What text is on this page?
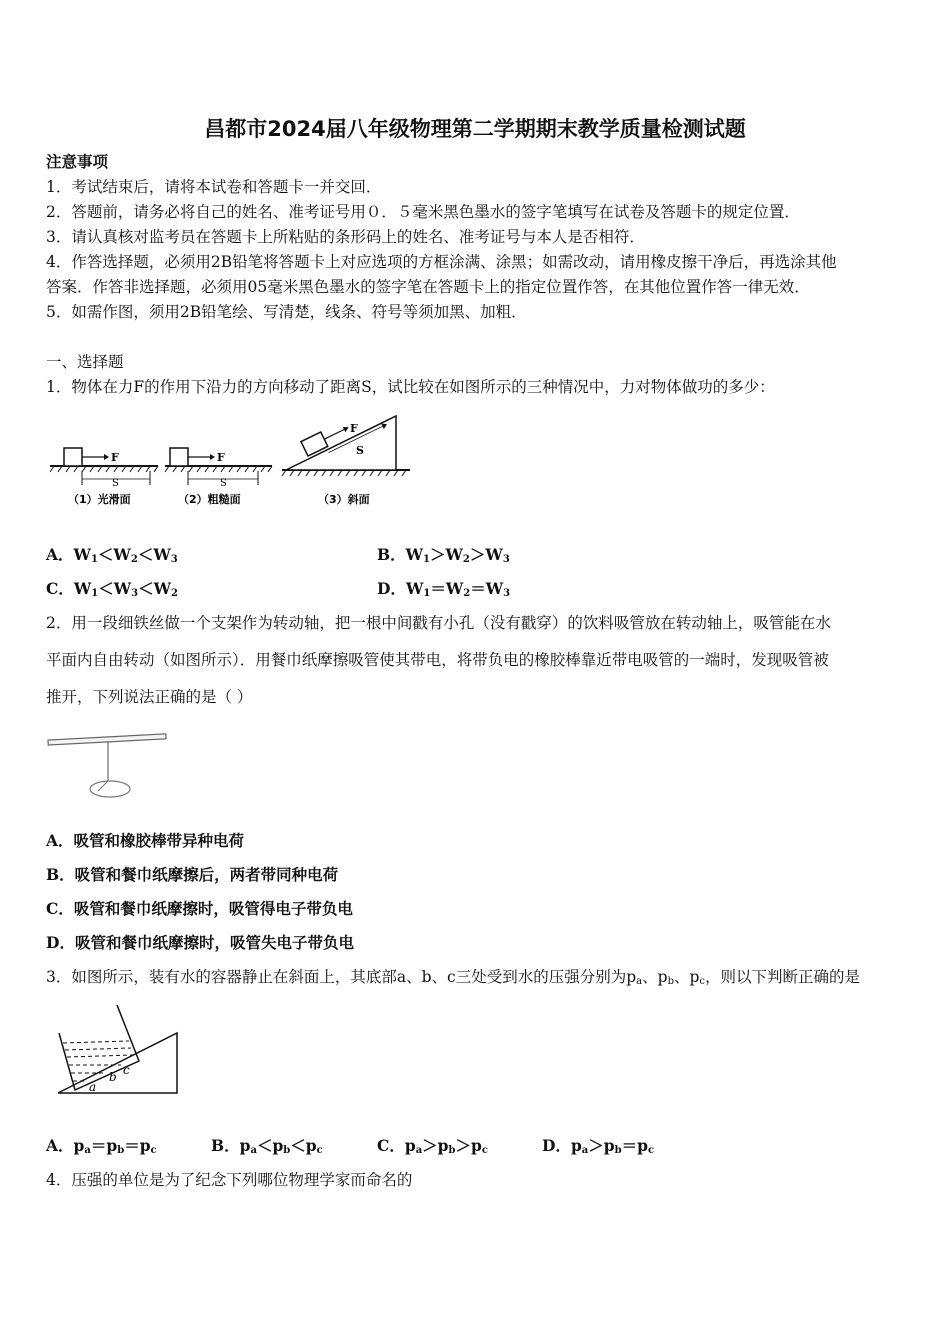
昌都市2024届八年级物理第二学期期末教学质量检测试题
注意事项
1．考试结束后，请将本试卷和答题卡一并交回．
2．答题前，请务必将自己的姓名、准考证号用０．５毫米黑色墨水的签字笔填写在试卷及答题卡的规定位置．
3．请认真核对监考员在答题卡上所粘贴的条形码上的姓名、准考证号与本人是否相符．
4．作答选择题，必须用2B铅笔将答题卡上对应选项的方框涂满、涂黑；如需改动，请用橡皮擦干净后，再选涂其他
答案．作答非选择题，必须用05毫米黑色墨水的签字笔在答题卡上的指定位置作答，在其他位置作答一律无效．
5．如需作图，须用2B铅笔绘、写清楚，线条、符号等须加黑、加粗．
一、选择题
1．物体在力F的作用下沿力的方向移动了距离S，试比较在如图所示的三种情况中，力对物体做功的多少：
F
S
（1）光滑面
F
S
（2）粗糙面
F
S
（3）斜面
A．$W_1<W_2<W_3$	B．$W_1>W_2>W_3$
C．$W_1<W_3<W_2$	D．$W_1=W_2=W_3$
2．用一段细铁丝做一个支架作为转动轴，把一根中间戳有小孔（没有戳穿）的饮料吸管放在转动轴上，吸管能在水
平面内自由转动（如图所示）．用餐巾纸摩擦吸管使其带电，将带负电的橡胶棒靠近带电吸管的一端时，发现吸管被
推开，下列说法正确的是（ ）
A．吸管和橡胶棒带异种电荷
B．吸管和餐巾纸摩擦后，两者带同种电荷
C．吸管和餐巾纸摩擦时，吸管得电子带负电
D．吸管和餐巾纸摩擦时，吸管失电子带负电
3．如图所示，装有水的容器静止在斜面上，其底部a、b、c三处受到水的压强分别为$p_a$、$p_b$、$p_c$，则以下判断正确的是
a
b c
A．$p_a=p_b=p_c$	B．$p_a<p_b<p_c$	C．$p_a>p_b>p_c$	D．$p_a>p_b=p_c$
4．压强的单位是为了纪念下列哪位物理学家而命名的
